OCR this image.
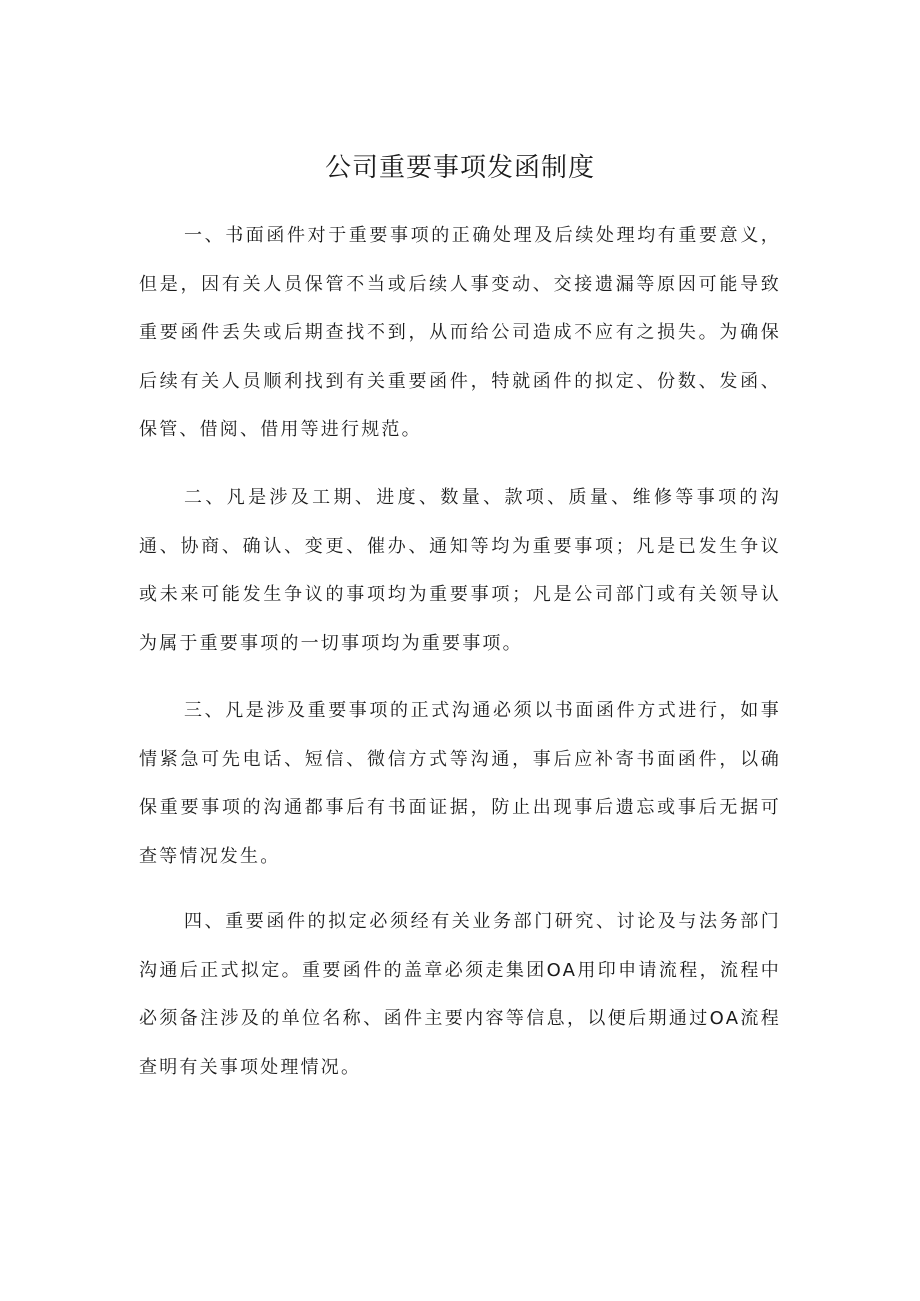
公司重要事项发函制度

一、书面函件对于重要事项的正确处理及后续处理均有重要意义，但是，因有关人员保管不当或后续人事变动、交接遗漏等原因可能导致重要函件丢失或后期查找不到，从而给公司造成不应有之损失。为确保后续有关人员顺利找到有关重要函件，特就函件的拟定、份数、发函、保管、借阅、借用等进行规范。

二、凡是涉及工期、进度、数量、款项、质量、维修等事项的沟通、协商、确认、变更、催办、通知等均为重要事项；凡是已发生争议或未来可能发生争议的事项均为重要事项；凡是公司部门或有关领导认为属于重要事项的一切事项均为重要事项。

三、凡是涉及重要事项的正式沟通必须以书面函件方式进行，如事情紧急可先电话、短信、微信方式等沟通，事后应补寄书面函件，以确保重要事项的沟通都事后有书面证据，防止出现事后遗忘或事后无据可查等情况发生。

四、重要函件的拟定必须经有关业务部门研究、讨论及与法务部门沟通后正式拟定。重要函件的盖章必须走集团OA用印申请流程，流程中必须备注涉及的单位名称、函件主要内容等信息，以便后期通过OA流程查明有关事项处理情况。
